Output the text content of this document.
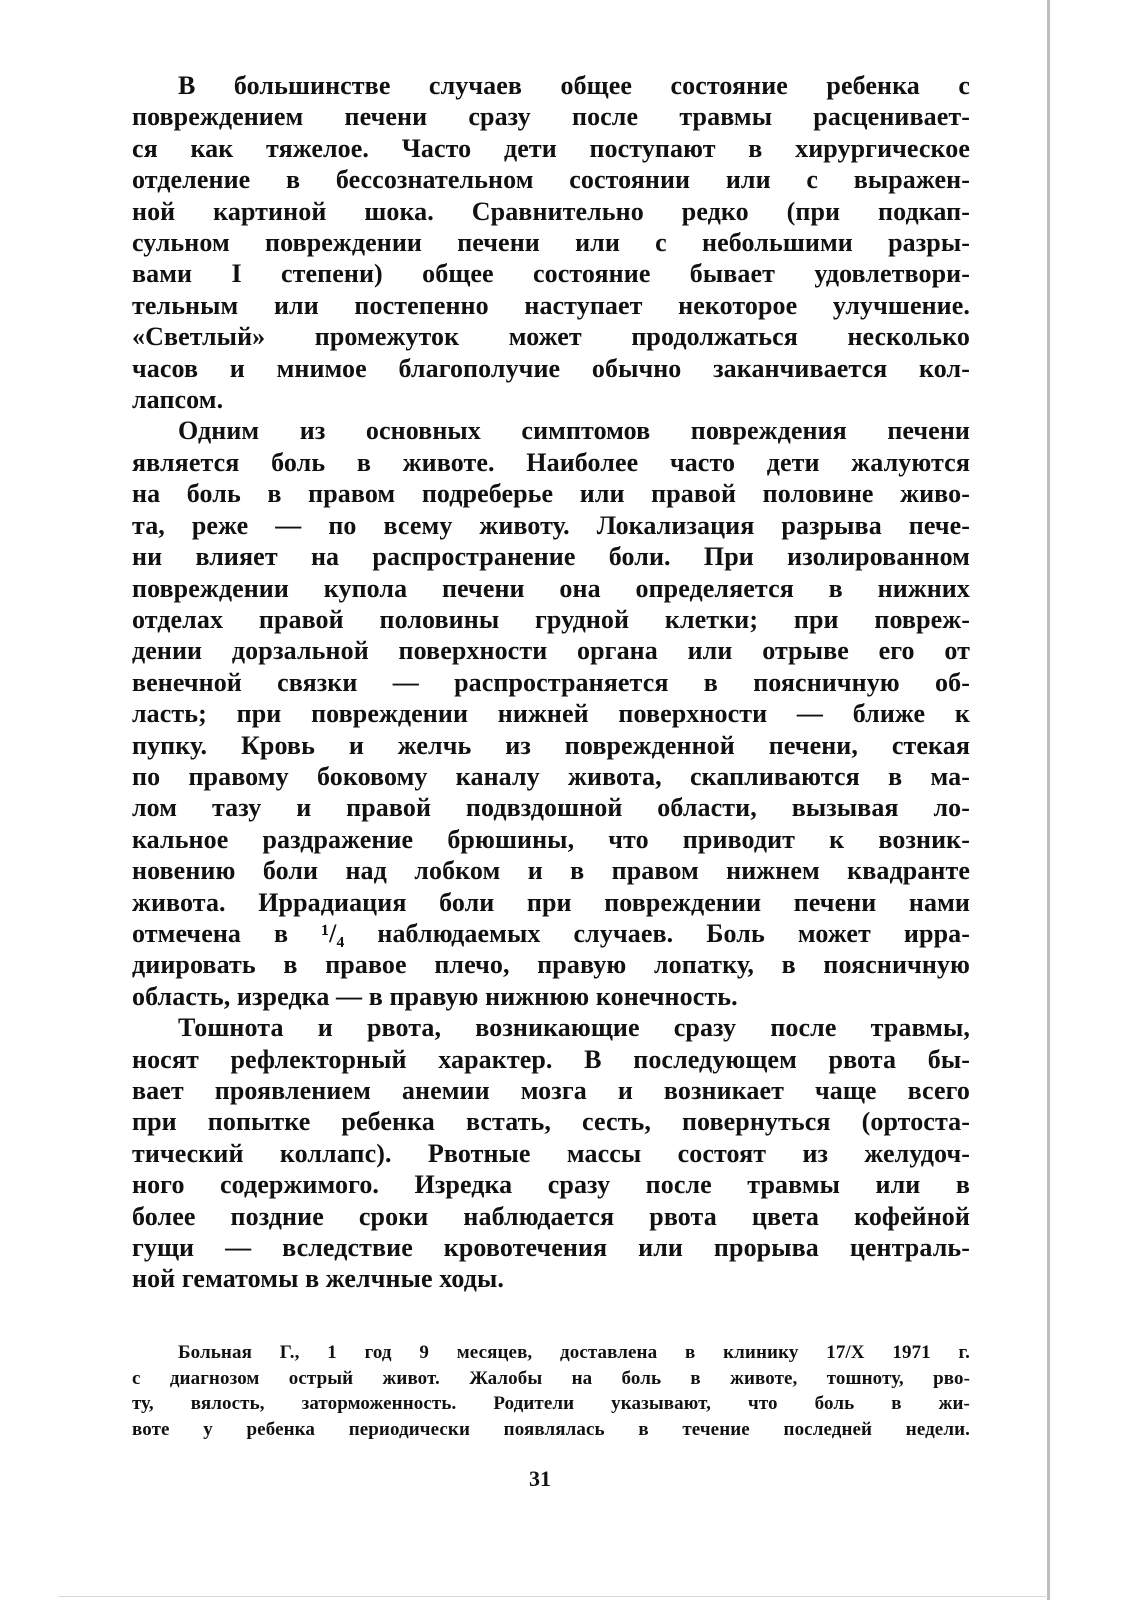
В большинстве случаев общее состояние ребенка с
повреждением печени сразу после травмы расценивает-
ся как тяжелое. Часто дети поступают в хирургическое
отделение в бессознательном состоянии или с выражен-
ной картиной шока. Сравнительно редко (при подкап-
сульном повреждении печени или с небольшими разры-
вами I степени) общее состояние бывает удовлетвори-
тельным или постепенно наступает некоторое улучшение.
«Светлый» промежуток может продолжаться несколько
часов и мнимое благополучие обычно заканчивается кол-
лапсом.
Одним из основных симптомов повреждения печени
является боль в животе. Наиболее часто дети жалуются
на боль в правом подреберье или правой половине живо-
та, реже — по всему животу. Локализация разрыва пече-
ни влияет на распространение боли. При изолированном
повреждении купола печени она определяется в нижних
отделах правой половины грудной клетки; при повреж-
дении дорзальной поверхности органа или отрыве его от
венечной связки — распространяется в поясничную об-
ласть; при повреждении нижней поверхности — ближе к
пупку. Кровь и желчь из поврежденной печени, стекая
по правому боковому каналу живота, скапливаются в ма-
лом тазу и правой подвздошной области, вызывая ло-
кальное раздражение брюшины, что приводит к возник-
новению боли над лобком и в правом нижнем квадранте
живота. Иррадиация боли при повреждении печени нами
отмечена в ¹/₄ наблюдаемых случаев. Боль может ирра-
диировать в правое плечо, правую лопатку, в поясничную
область, изредка — в правую нижнюю конечность.
Тошнота и рвота, возникающие сразу после травмы,
носят рефлекторный характер. В последующем рвота бы-
вает проявлением анемии мозга и возникает чаще всего
при попытке ребенка встать, сесть, повернуться (ортоста-
тический коллапс). Рвотные массы состоят из желудоч-
ного содержимого. Изредка сразу после травмы или в
более поздние сроки наблюдается рвота цвета кофейной
гущи — вследствие кровотечения или прорыва централь-
ной гематомы в желчные ходы.
Больная Г., 1 год 9 месяцев, доставлена в клинику 17/X 1971 г.
с диагнозом острый живот. Жалобы на боль в животе, тошноту, рво-
ту, вялость, заторможенность. Родители указывают, что боль в жи-
воте у ребенка периодически появлялась в течение последней недели.
31
